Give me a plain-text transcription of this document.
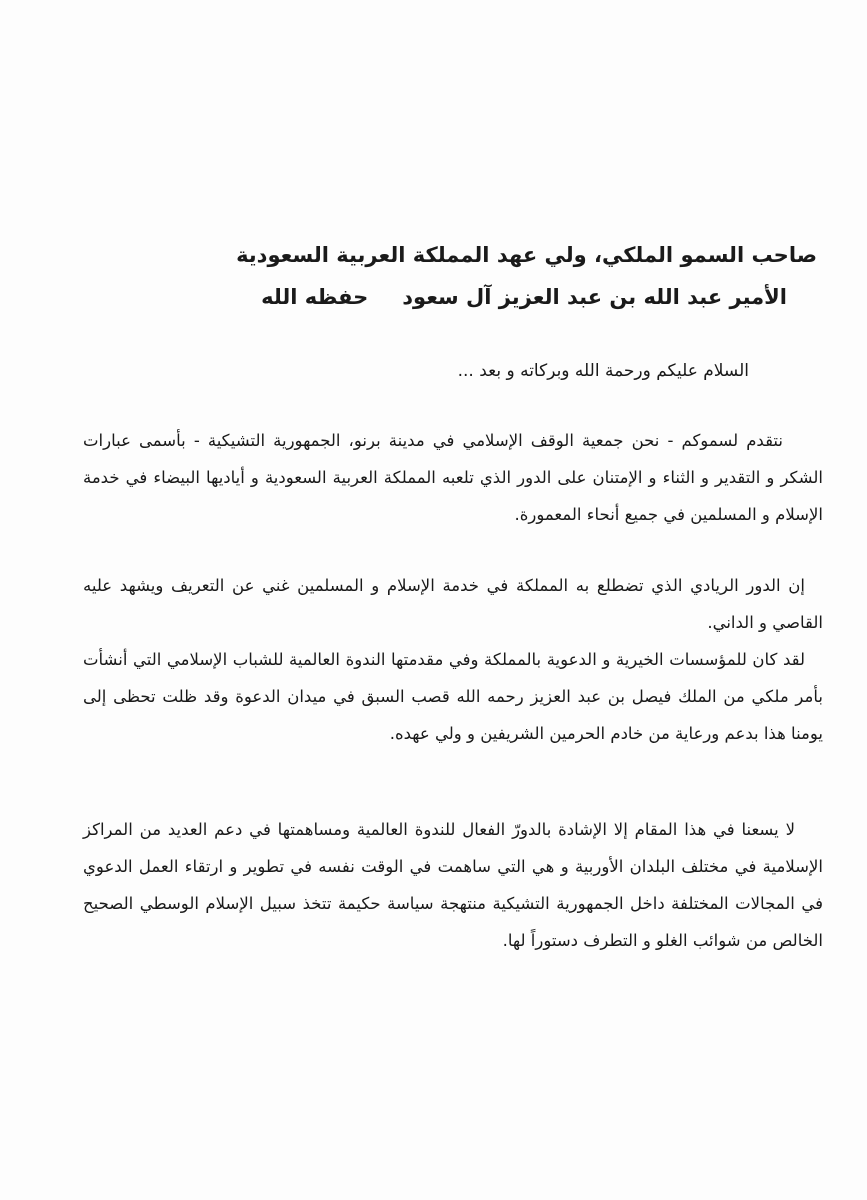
صاحب السمو الملكي، ولي عهد المملكة العربية السعودية
الأمير عبد الله بن عبد العزيز آل سعودحفظه الله
السلام عليكم ورحمة الله وبركاته و بعد ...

نتقدم لسموكم - نحن جمعية الوقف الإسلامي في مدينة برنو، الجمهورية التشيكية - بأسمى عبارات الشكر و التقدير و الثناء و الإمتنان على الدور الذي تلعبه المملكة العربية السعودية و أياديها البيضاء في خدمة الإسلام و المسلمين في جميع أنحاء المعمورة.

إن الدور الريادي الذي تضطلع به المملكة في خدمة الإسلام و المسلمين غني عن التعريف ويشهد عليه القاصي و الداني.

لقد كان للمؤسسات الخيرية و الدعوية بالمملكة وفي مقدمتها الندوة العالمية للشباب الإسلامي التي أنشأت بأمر ملكي من الملك فيصل بن عبد العزيز رحمه الله قصب السبق في ميدان الدعوة وقد ظلت تحظى إلى يومنا هذا بدعم ورعاية من خادم الحرمين الشريفين و ولي عهده.

لا يسعنا في هذا المقام إلا الإشادة بالدورّ الفعال للندوة العالمية ومساهمتها في دعم العديد من المراكز الإسلامية في مختلف البلدان الأوربية و هي التي ساهمت في الوقت نفسه في تطوير و ارتقاء العمل الدعوي في المجالات المختلفة داخل الجمهورية التشيكية منتهجة سياسة حكيمة تتخذ سبيل الإسلام الوسطي الصحيح الخالص من شوائب الغلو و التطرف دستوراً لها.
